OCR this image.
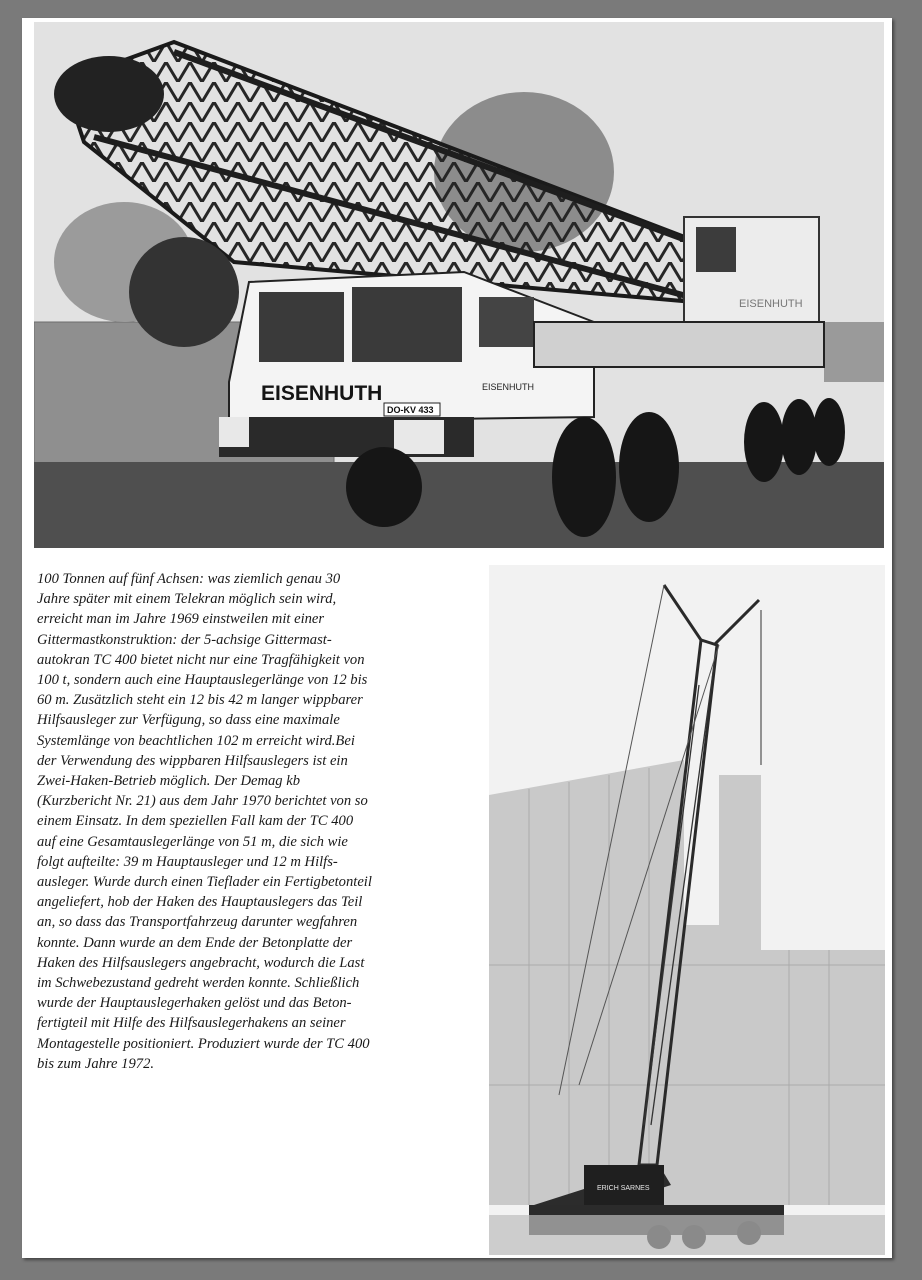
EISENHUTH	EISENHUTH
DO-KV 433
EISENHUTH

100 Tonnen auf fünf Achsen: was ziemlich genau 30
Jahre später mit einem Telekran möglich sein wird,
erreicht man im Jahre 1969 einstweilen mit einer
Gittermastkonstruktion: der 5-achsige Gittermast-
autokran TC 400 bietet nicht nur eine Tragfähigkeit von
100 t, sondern auch eine Hauptauslegerlänge von 12 bis
60 m. Zusätzlich steht ein 12 bis 42 m langer wippbarer
Hilfsausleger zur Verfügung, so dass eine maximale
Systemlänge von beachtlichen 102 m erreicht wird.Bei
der Verwendung des wippbaren Hilfsauslegers ist ein
Zwei-Haken-Betrieb möglich. Der Demag kb
(Kurzbericht Nr. 21) aus dem Jahr 1970 berichtet von so
einem Einsatz. In dem speziellen Fall kam der TC 400
auf eine Gesamtauslegerlänge von 51 m, die sich wie
folgt aufteilte: 39 m Hauptausleger und 12 m Hilfs-
ausleger. Wurde durch einen Tieflader ein Fertigbetonteil
angeliefert, hob der Haken des Hauptauslegers das Teil
an, so dass das Transportfahrzeug darunter wegfahren
konnte. Dann wurde an dem Ende der Betonplatte der
Haken des Hilfsauslegers angebracht, wodurch die Last
im Schwebezustand gedreht werden konnte. Schließlich
wurde der Hauptauslegerhaken gelöst und das Beton-
fertigteil mit Hilfe des Hilfsauslegerhakens an seiner
Montagestelle positioniert. Produziert wurde der TC 400
bis zum Jahre 1972.

ERICH SARNES
